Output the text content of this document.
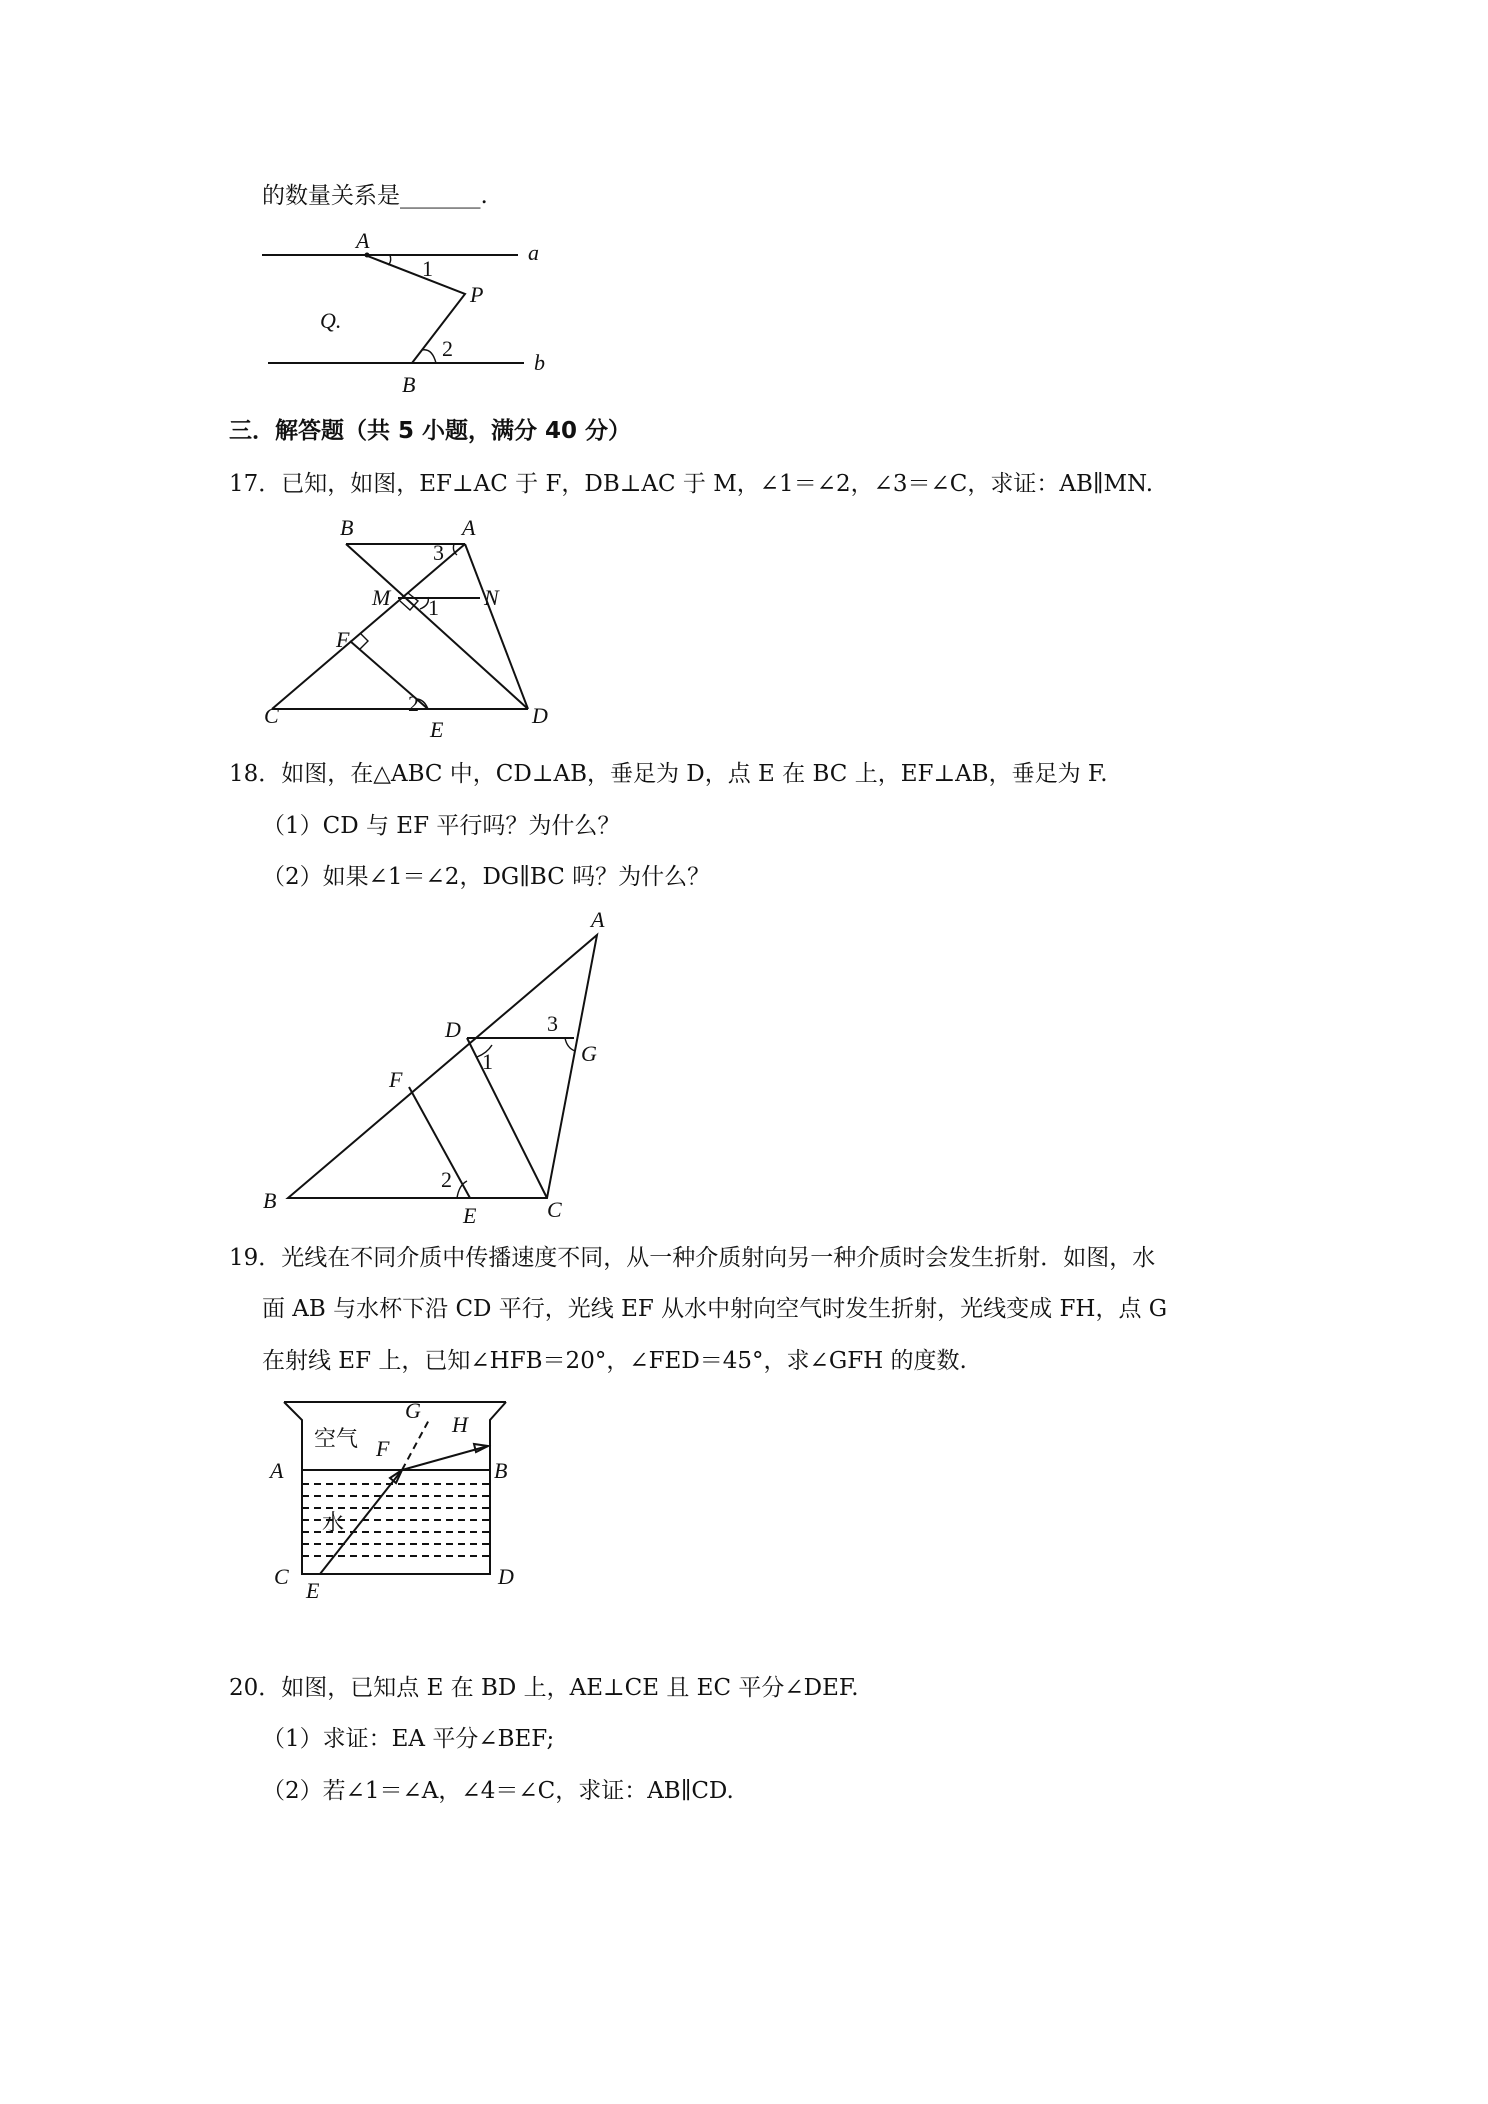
的数量关系是_______.
A
1
P
Q.
2
B
a
b
三．解答题（共 5 小题，满分 40 分）
17．已知，如图，EF⊥AC 于 F，DB⊥AC 于 M，∠1＝∠2，∠3＝∠C，求证：AB∥MN.
B	A
3
M 1 N
F
2
C	D
E
18．如图，在△ABC 中，CD⊥AB，垂足为 D，点 E 在 BC 上，EF⊥AB，垂足为 F.
（1）CD 与 EF 平行吗？为什么？
（2）如果∠1＝∠2，DG∥BC 吗？为什么？
A
D	3
G
1
F
2
B
E	C
19．光线在不同介质中传播速度不同，从一种介质射向另一种介质时会发生折射．如图，水
面 AB 与水杯下沿 CD 平行，光线 EF 从水中射向空气时发生折射，光线变成 FH，点 G
在射线 EF 上，已知∠HFB＝20°，∠FED＝45°，求∠GFH 的度数.
空气
水
G
H
F
A	B
C
E
D
20．如图，已知点 E 在 BD 上，AE⊥CE 且 EC 平分∠DEF.
（1）求证：EA 平分∠BEF;
（2）若∠1＝∠A，∠4＝∠C，求证：AB∥CD.
